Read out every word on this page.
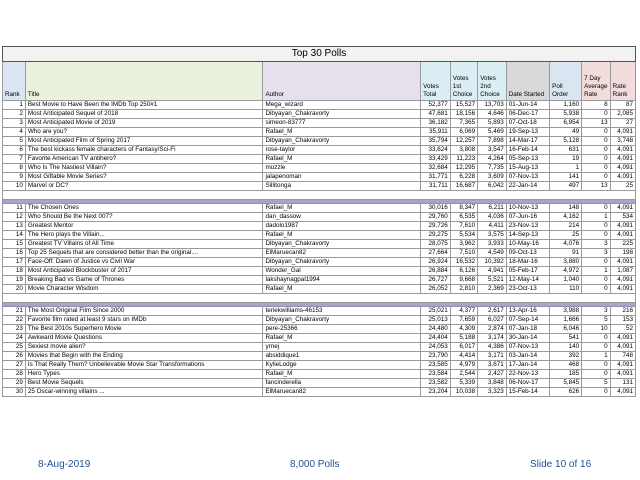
Top 30 Polls									
Rank	Title	Author	Votes Total	Votes 1st Choice	Votes 2nd Choice	Date Started	Poll Order	7 Day Average Rate	Rate Rank
1	Best Movie to Have Been the IMDb Top 250#1	Mega_wizard	52,377	15,527	13,703	01-Jun-14	1,160	8	87
2	Most Anticipated Sequel of 2018	Dibyayan_Chakravorty	47,681	18,156	4,646	06-Dec-17	5,938	0	2,085
3	Most Anticipated Movie of 2019	simeon-83777	36,182	7,365	5,893	07-Oct-18	6,954	13	27
4	Who are you?	Rafael_M	35,911	6,069	5,469	19-Sep-13	49	0	4,091
5	Most Anticipated Film of Spring 2017	Dibyayan_Chakravorty	35,794	12,257	7,898	14-Mar-17	5,128	0	3,748
6	The best kickass female characters of Fantasy/Sci-Fi	rose-taylor	33,624	3,808	3,547	16-Feb-14	631	0	4,091
7	Favorite American TV antihero?	Rafael_M	33,429	11,223	4,264	05-Sep-13	19	0	4,091
8	Who Is The Nastiest Villain?	muzzle	32,684	12,295	7,735	15-Aug-13	1	0	4,091
9	Most Giftable Movie Series?	jalapenoman	31,771	6,228	3,609	07-Nov-13	141	0	4,091
10	Marvel or DC?	Sillitonga	31,711	16,687	6,042	22-Jan-14	497	13	25

11	The Chosen Ones	Rafael_M	30,016	8,347	6,211	10-Nov-13	148	0	4,091
12	Who Should Be the Next 007?	dan_dassow	29,760	6,535	4,036	07-Jun-16	4,162	1	534
13	Greatest Mentor	dadolo1987	29,726	7,610	4,411	23-Nov-13	214	0	4,091
14	The Hero plays the Villain...	Rafael_M	29,275	5,534	3,575	14-Sep-13	25	0	4,091
15	Greatest TV Villains of All Time	Dibyayan_Chakravorty	28,075	3,962	3,933	10-May-16	4,076	3	225
16	Top 25 Sequels that are considered better than the original....	ElMaruecan82	27,664	7,510	4,549	09-Oct-13	91	3	198
17	Face-Off: Dawn of Justice vs Civil War	Dibyayan_Chakravorty	26,924	16,532	10,392	18-Mar-16	3,880	0	4,091
18	Most Anticipated Blockbuster of 2017	Wonder_Gal	26,884	6,126	4,941	05-Feb-17	4,972	1	1,087
19	Breaking Bad vs Game of Thrones	lakshaynagpal1994	26,727	9,668	5,521	12-May-14	1,040	0	4,091
20	Movie Character Wisdom	Rafael_M	26,052	2,810	2,369	23-Oct-13	110	0	4,091

21	The Most Original Film Since 2000	teriekwilliams-46153	25,021	4,377	2,617	13-Apr-16	3,988	3	216
22	Favorite film rated at least 9 stars on IMDb	Dibyayan_Chakravorty	25,013	7,659	6,027	07-Sep-14	1,666	5	153
23	The Best 2010s Superhero Movie	pere-25366	24,480	4,309	2,874	07-Jan-18	6,046	10	52
24	Awkward Movie Questions	Rafael_M	24,404	5,188	3,174	30-Jan-14	541	0	4,091
25	Sexiest movie alien?	yrnej	24,053	6,017	4,386	07-Nov-13	140	0	4,091
26	Movies that Begin with the Ending	absiddique1	23,790	4,414	3,171	03-Jan-14	392	1	748
27	Is That Really Them? Unbelievable Movie Star Transformations	KylieLodge	23,585	4,979	3,671	17-Jan-14	468	0	4,091
28	Hero Types	Rafael_M	23,584	2,544	2,427	22-Nov-13	185	0	4,091
29	Best Movie Sequels	fancinderella	23,582	5,339	3,848	06-Nov-17	5,845	5	131
30	25 Oscar-winning villains ...	ElMaruecan82	23,204	10,038	3,323	15-Feb-14	626	0	4,091
8-Aug-2019	8,000 Polls	Slide 10 of 16
